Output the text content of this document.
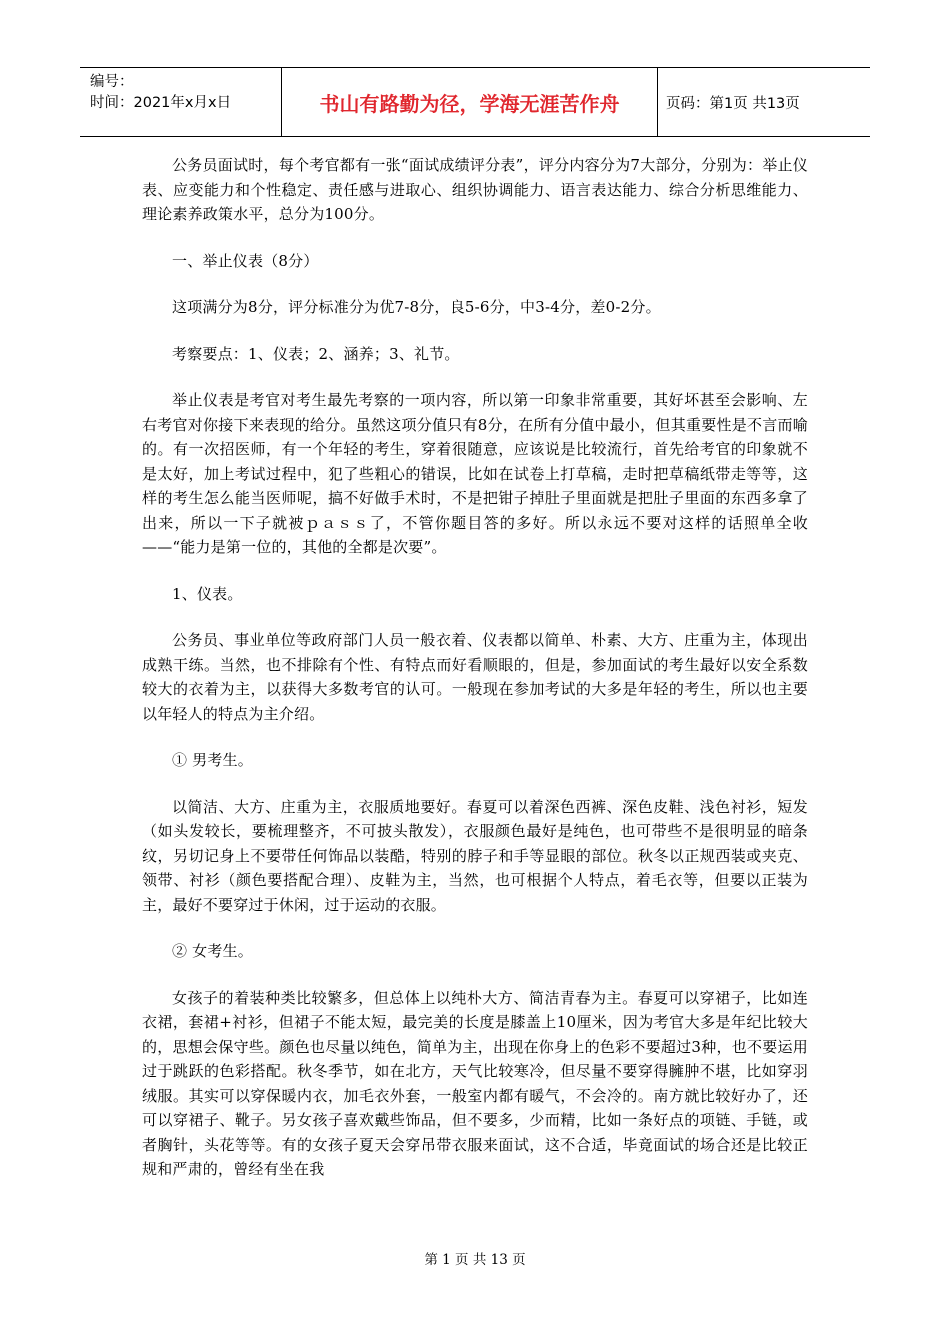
编号：
时间：2021年x月x日	书山有路勤为径，学海无涯苦作舟	页码：第1页 共13页

公务员面试时，每个考官都有一张“面试成绩评分表”，评分内容分为7大部分，分别为：举止仪表、应变能力和个性稳定、责任感与进取心、组织协调能力、语言表达能力、综合分析思维能力、理论素养政策水平，总分为100分。

一、举止仪表（8分）

这项满分为8分，评分标准分为优7-8分，良5-6分，中3-4分，差0-2分。

考察要点：1、仪表；2、涵养；3、礼节。

举止仪表是考官对考生最先考察的一项内容，所以第一印象非常重要，其好坏甚至会影响、左右考官对你接下来表现的给分。虽然这项分值只有8分，在所有分值中最小，但其重要性是不言而喻的。有一次招医师，有一个年轻的考生，穿着很随意，应该说是比较流行，首先给考官的印象就不是太好，加上考试过程中，犯了些粗心的错误，比如在试卷上打草稿，走时把草稿纸带走等等，这样的考生怎么能当医师呢，搞不好做手术时，不是把钳子掉肚子里面就是把肚子里面的东西多拿了出来，所以一下子就被ｐａｓｓ了，不管你题目答的多好。所以永远不要对这样的话照单全收——“能力是第一位的，其他的全都是次要”。

1、仪表。

公务员、事业单位等政府部门人员一般衣着、仪表都以简单、朴素、大方、庄重为主，体现出成熟干练。当然，也不排除有个性、有特点而好看顺眼的，但是，参加面试的考生最好以安全系数较大的衣着为主，以获得大多数考官的认可。一般现在参加考试的大多是年轻的考生，所以也主要以年轻人的特点为主介绍。

① 男考生。

以简洁、大方、庄重为主，衣服质地要好。春夏可以着深色西裤、深色皮鞋、浅色衬衫，短发（如头发较长，要梳理整齐，不可披头散发），衣服颜色最好是纯色，也可带些不是很明显的暗条纹，另切记身上不要带任何饰品以装酷，特别的脖子和手等显眼的部位。秋冬以正规西装或夹克、领带、衬衫（颜色要搭配合理）、皮鞋为主，当然，也可根据个人特点，着毛衣等，但要以正装为主，最好不要穿过于休闲，过于运动的衣服。

② 女考生。

女孩子的着装种类比较繁多，但总体上以纯朴大方、简洁青春为主。春夏可以穿裙子，比如连衣裙，套裙+衬衫，但裙子不能太短，最完美的长度是膝盖上10厘米，因为考官大多是年纪比较大的，思想会保守些。颜色也尽量以纯色，简单为主，出现在你身上的色彩不要超过3种，也不要运用过于跳跃的色彩搭配。秋冬季节，如在北方，天气比较寒冷，但尽量不要穿得臃肿不堪，比如穿羽绒服。其实可以穿保暖内衣，加毛衣外套，一般室内都有暖气，不会冷的。南方就比较好办了，还可以穿裙子、靴子。另女孩子喜欢戴些饰品，但不要多，少而精，比如一条好点的项链、手链，或者胸针，头花等等。有的女孩子夏天会穿吊带衣服来面试，这不合适，毕竟面试的场合还是比较正规和严肃的，曾经有坐在我

第 1 页 共 13 页
